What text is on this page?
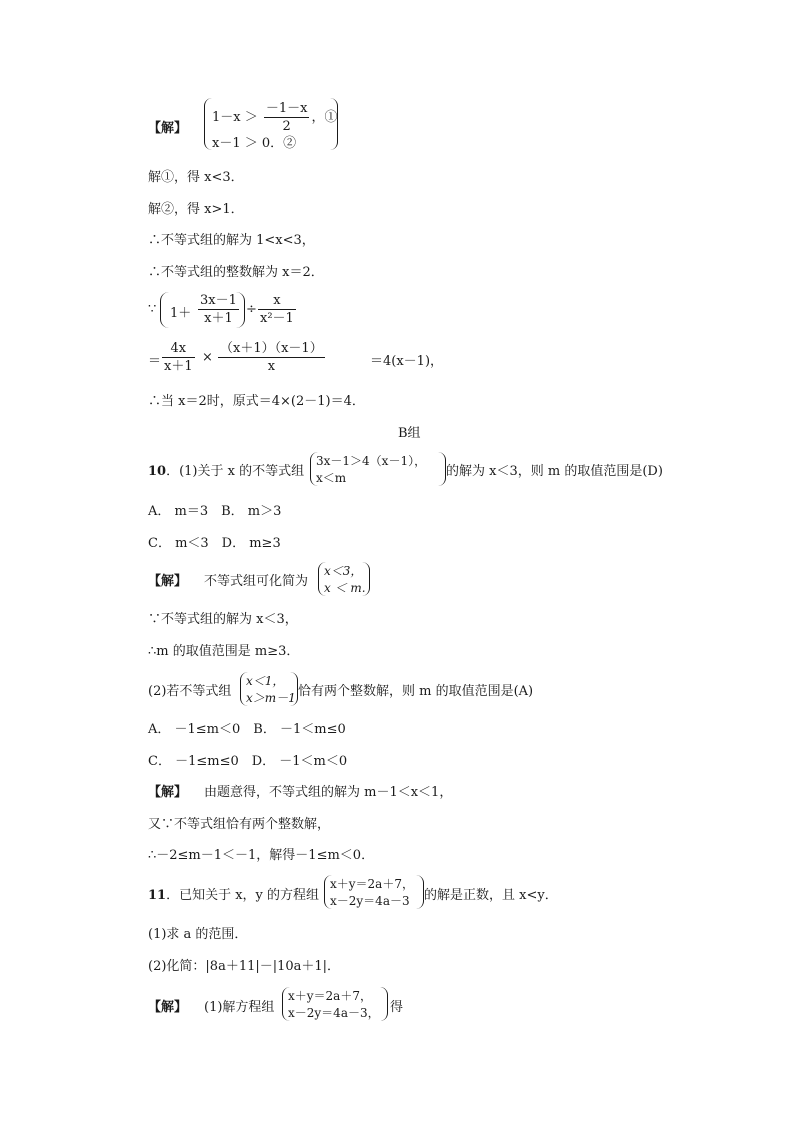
【解】
$1-x > \frac{-1-x}{2}$ ，①
x－1 ＞ 0．②
解①，得 x<3．
解②，得 x>1．
∴不等式组的解为 1<x<3，
∴不等式组的整数解为 x＝2．
∵ $1+ \frac{3x-1}{x+1} \div \frac{x}{\text{x²－1}}$
＝ $\frac{4x}{x+1} \times \frac{(x+1)(x-1)}{x}$	＝4(x－1)，
∴当 x＝2时，原式＝4×(2－1)＝4．
B组
10．(1)关于 x 的不等式组
3x－1＞4（x－1），
x＜m	的解为 x＜3，则 m 的取值范围是(D)
A． m＝3　B． m＞3
C． m＜3　D． m≥3
【解】 不等式组可化简为
x＜3，
x ＜ m.
∵不等式组的解为 x＜3，
∴m 的取值范围是 m≥3．
(2)若不等式组
x＜1，
x＞m－1 恰有两个整数解，则 m 的取值范围是(A)
A． －1≤m＜0　B． －1＜m≤0
C． －1≤m≤0　D． －1＜m＜0
【解】 由题意得，不等式组的解为 m－1＜x＜1，
又∵不等式组恰有两个整数解，
∴－2≤m－1＜－1，解得－1≤m＜0．
11．已知关于 x，y 的方程组
x＋y＝2a＋7，
x－2y＝4a－3 的解是正数，且 x<y．
(1)求 a 的范围．
(2)化简：|8a＋11|－|10a＋1|．
【解】 (1)解方程组
x＋y＝2a＋7，
x－2y＝4a－3， 得
